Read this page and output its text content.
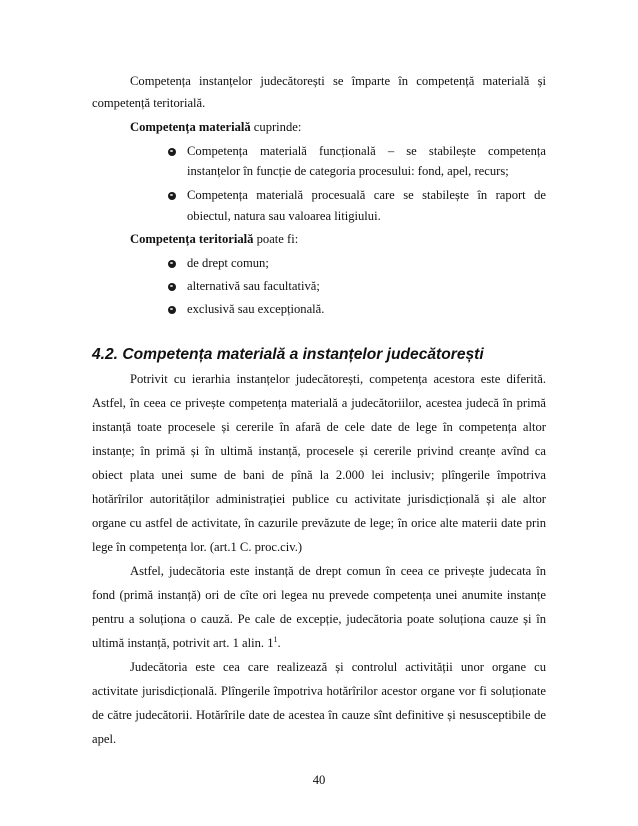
Competența instanțelor judecătorești se împarte în competență materială și
competență teritorială.
Competența materială cuprinde:
Competența materială funcțională – se stabilește competența
instanțelor în funcție de categoria procesului: fond, apel, recurs;
Competența materială procesuală care se stabilește în raport de
obiectul, natura sau valoarea litigiului.
Competența teritorială poate fi:
de drept comun;
alternativă sau facultativă;
exclusivă sau excepțională.
4.2. Competența materială a instanțelor judecătorești
Potrivit cu ierarhia instanțelor judecătorești, competența acestora este diferită.
Astfel, în ceea ce privește competența materială a judecătoriilor, acestea judecă în primă
instanță toate procesele și cererile în afară de cele date de lege în competența altor
instanțe; în primă și în ultimă instanță, procesele și cererile privind creanțe avînd ca
obiect plata unei sume de bani de pînă la 2.000 lei inclusiv; plîngerile împotriva
hotărîrilor autorităților administrației publice cu activitate jurisdicțională și ale altor
organe cu astfel de activitate, în cazurile prevăzute de lege; în orice alte materii date prin
lege în competența lor. (art.1 C. proc.civ.)
Astfel, judecătoria este instanță de drept comun în ceea ce privește judecata în
fond (primă instanță) ori de cîte ori legea nu prevede competența unei anumite instanțe
pentru a soluționa o cauză. Pe cale de excepție, judecătoria poate soluționa cauze și în
ultimă instanță, potrivit art. 1 alin. $1^1$.
Judecătoria este cea care realizează și controlul activității unor organe cu
activitate jurisdicțională. Plîngerile împotriva hotărîrilor acestor organe vor fi soluționate
de către judecătorii. Hotărîrile date de acestea în cauze sînt definitive și nesusceptibile de
apel.
40
